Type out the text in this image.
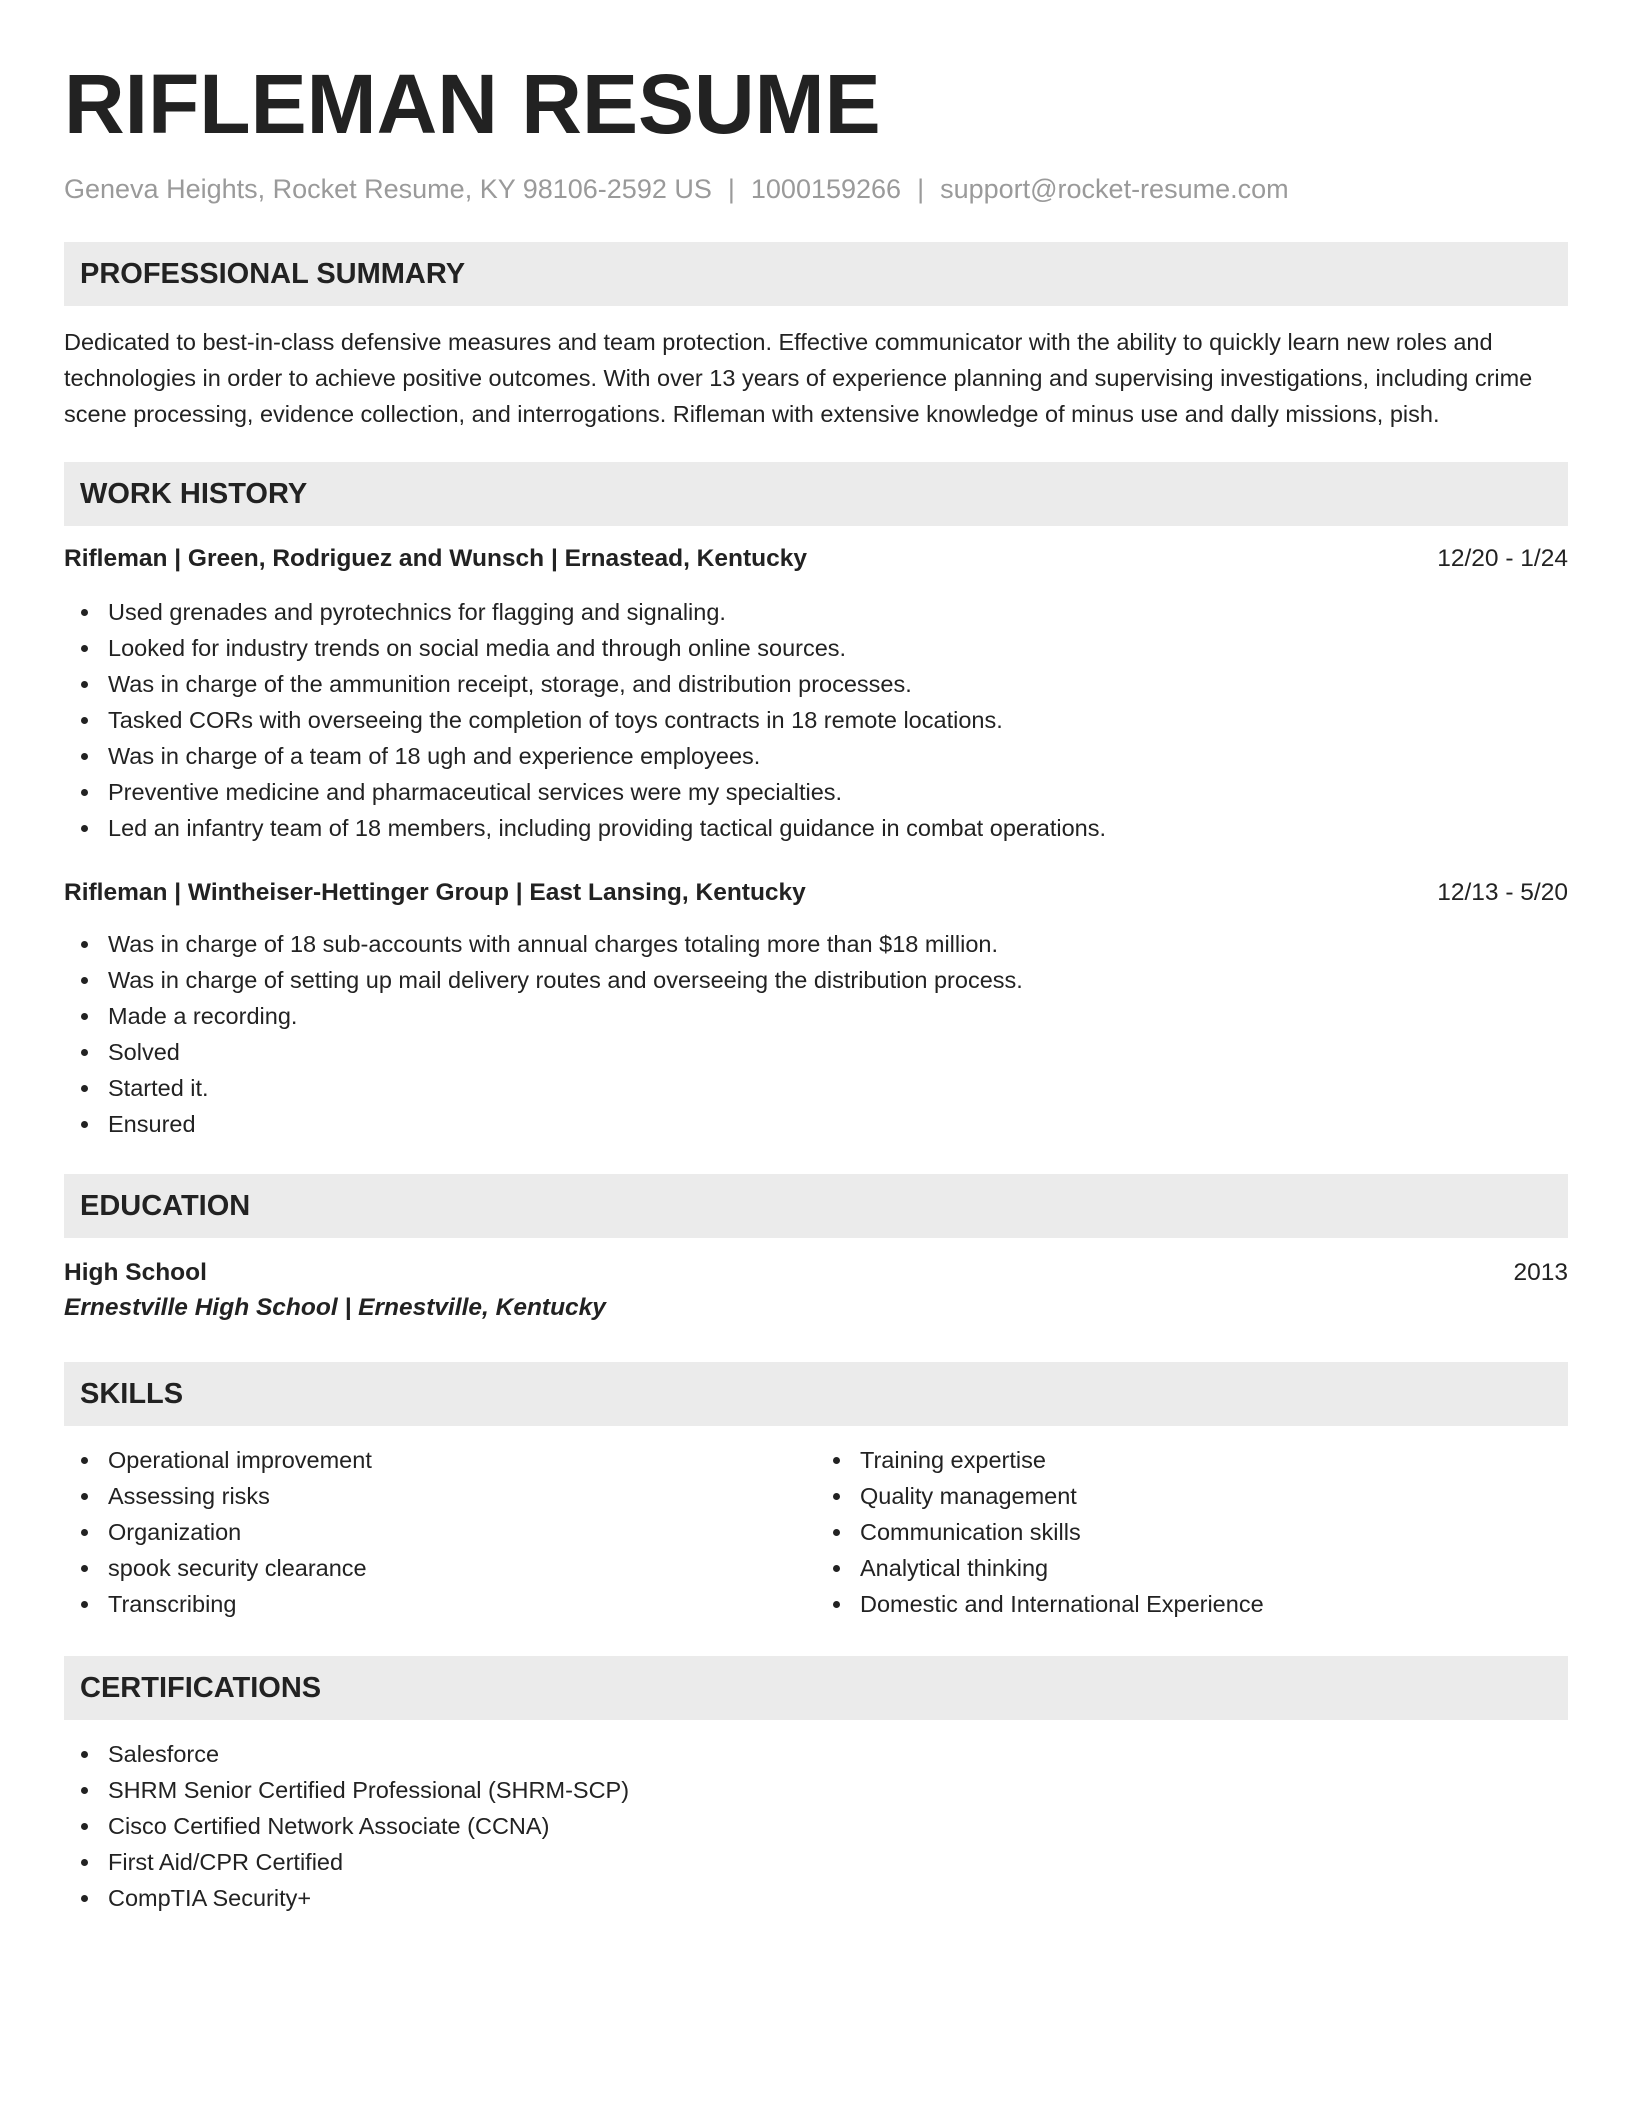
RIFLEMAN RESUME
Geneva Heights, Rocket Resume, KY 98106-2592 US | 1000159266 | support@rocket-resume.com
PROFESSIONAL SUMMARY
Dedicated to best-in-class defensive measures and team protection. Effective communicator with the ability to quickly learn new roles and technologies in order to achieve positive outcomes. With over 13 years of experience planning and supervising investigations, including crime scene processing, evidence collection, and interrogations. Rifleman with extensive knowledge of minus use and dally missions, pish.
WORK HISTORY
Rifleman | Green, Rodriguez and Wunsch | Ernastead, Kentucky	12/20 - 1/24
Used grenades and pyrotechnics for flagging and signaling.
Looked for industry trends on social media and through online sources.
Was in charge of the ammunition receipt, storage, and distribution processes.
Tasked CORs with overseeing the completion of toys contracts in 18 remote locations.
Was in charge of a team of 18 ugh and experience employees.
Preventive medicine and pharmaceutical services were my specialties.
Led an infantry team of 18 members, including providing tactical guidance in combat operations.
Rifleman | Wintheiser-Hettinger Group | East Lansing, Kentucky	12/13 - 5/20
Was in charge of 18 sub-accounts with annual charges totaling more than $18 million.
Was in charge of setting up mail delivery routes and overseeing the distribution process.
Made a recording.
Solved
Started it.
Ensured
EDUCATION
High School	2013
Ernestville High School | Ernestville, Kentucky
SKILLS
Operational improvement
Assessing risks
Organization
spook security clearance
Transcribing
Training expertise
Quality management
Communication skills
Analytical thinking
Domestic and International Experience
CERTIFICATIONS
Salesforce
SHRM Senior Certified Professional (SHRM-SCP)
Cisco Certified Network Associate (CCNA)
First Aid/CPR Certified
CompTIA Security+
